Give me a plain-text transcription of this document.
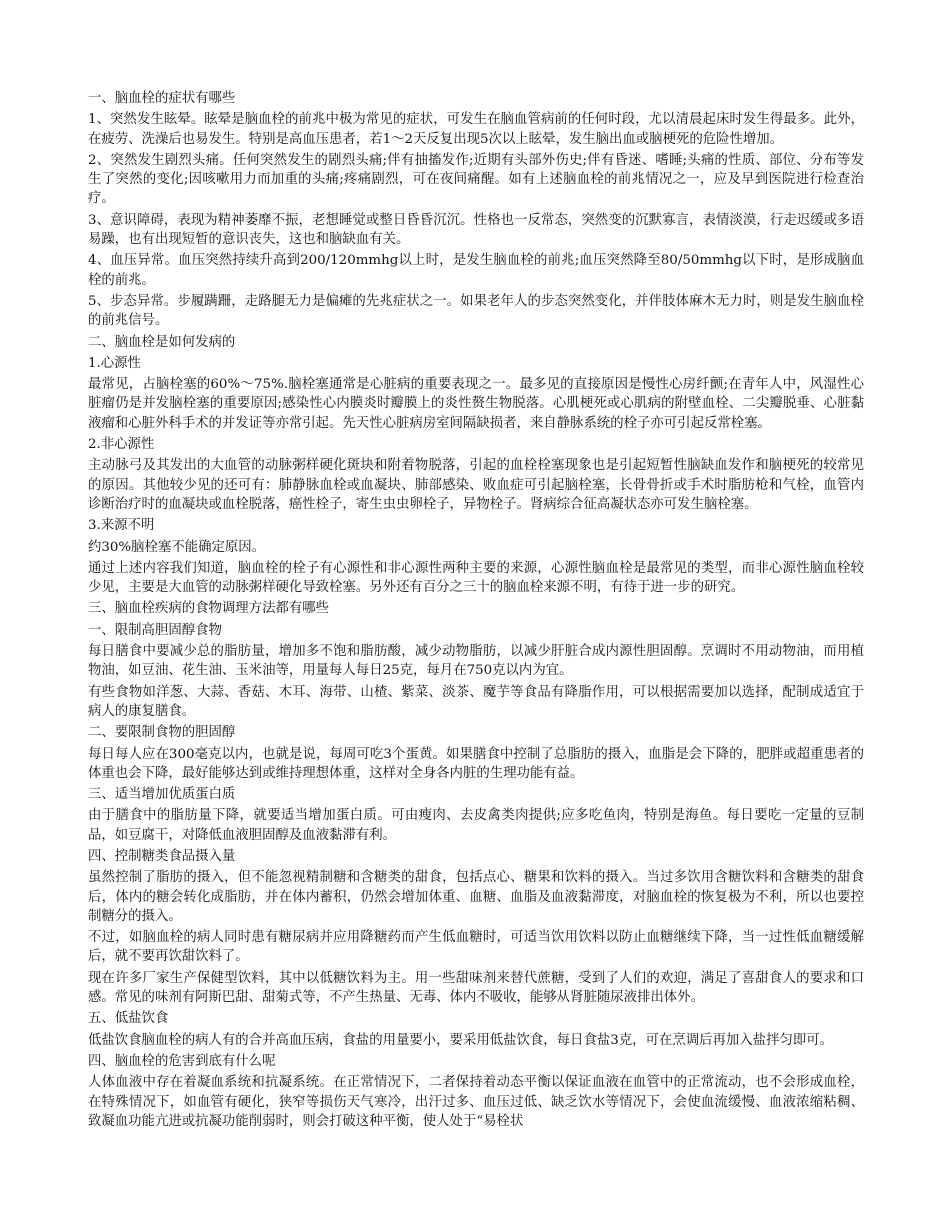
一、脑血栓的症状有哪些

1、突然发生眩晕。眩晕是脑血栓的前兆中极为常见的症状，可发生在脑血管病前的任何时段，尤以清晨起床时发生得最多。此外，在疲劳、洗澡后也易发生。特别是高血压患者，若1～2天反复出现5次以上眩晕，发生脑出血或脑梗死的危险性增加。

2、突然发生剧烈头痛。任何突然发生的剧烈头痛;伴有抽搐发作;近期有头部外伤史;伴有昏迷、嗜睡;头痛的性质、部位、分布等发生了突然的变化;因咳嗽用力而加重的头痛;疼痛剧烈，可在夜间痛醒。如有上述脑血栓的前兆情况之一，应及早到医院进行检查治疗。

3、意识障碍，表现为精神萎靡不振，老想睡觉或整日昏昏沉沉。性格也一反常态，突然变的沉默寡言，表情淡漠，行走迟缓或多语易躁，也有出现短暂的意识丧失，这也和脑缺血有关。

4、血压异常。血压突然持续升高到200/120mmhg以上时，是发生脑血栓的前兆;血压突然降至80/50mmhg以下时，是形成脑血栓的前兆。

5、步态异常。步履蹒跚，走路腿无力是偏瘫的先兆症状之一。如果老年人的步态突然变化，并伴肢体麻木无力时，则是发生脑血栓的前兆信号。

二、脑血栓是如何发病的

1.心源性

最常见，占脑栓塞的60%～75%.脑栓塞通常是心脏病的重要表现之一。最多见的直接原因是慢性心房纤颤;在青年人中，风湿性心脏瘤仍是并发脑栓塞的重要原因;感染性心内膜炎时瓣膜上的炎性赘生物脱落。心肌梗死或心肌病的附壁血栓、二尖瓣脱垂、心脏黏液瘤和心脏外科手术的并发证等亦常引起。先天性心脏病房室间隔缺损者，来自静脉系统的栓子亦可引起反常栓塞。

2.非心源性

主动脉弓及其发出的大血管的动脉粥样硬化斑块和附着物脱落，引起的血栓栓塞现象也是引起短暂性脑缺血发作和脑梗死的较常见的原因。其他较少见的还可有：肺静脉血栓或血凝块、肺部感染、败血症可引起脑栓塞，长骨骨折或手术时脂肪枪和气栓，血管内诊断治疗时的血凝块或血栓脱落，癌性栓子，寄生虫虫卵栓子，异物栓子。肾病综合征高凝状态亦可发生脑栓塞。

3.来源不明

约30%脑栓塞不能确定原因。

通过上述内容我们知道，脑血栓的栓子有心源性和非心源性两种主要的来源，心源性脑血栓是最常见的类型，而非心源性脑血栓较少见，主要是大血管的动脉粥样硬化导致栓塞。另外还有百分之三十的脑血栓来源不明，有待于进一步的研究。

三、脑血栓疾病的食物调理方法都有哪些

一、限制高胆固醇食物

每日膳食中要减少总的脂肪量，增加多不饱和脂肪酸，减少动物脂肪，以减少肝脏合成内源性胆固醇。烹调时不用动物油，而用植物油，如豆油、花生油、玉米油等，用量每人每日25克，每月在750克以内为宜。

有些食物如洋葱、大蒜、香菇、木耳、海带、山楂、紫菜、淡茶、魔芋等食品有降脂作用，可以根据需要加以选择，配制成适宜于病人的康复膳食。

二、要限制食物的胆固醇

每日每人应在300毫克以内，也就是说，每周可吃3个蛋黄。如果膳食中控制了总脂肪的摄入，血脂是会下降的，肥胖或超重患者的体重也会下降，最好能够达到或维持理想体重，这样对全身各内脏的生理功能有益。

三、适当增加优质蛋白质

由于膳食中的脂肪量下降，就要适当增加蛋白质。可由瘦肉、去皮禽类肉提供;应多吃鱼肉，特别是海鱼。每日要吃一定量的豆制品，如豆腐干，对降低血液胆固醇及血液黏滞有利。

四、控制糖类食品摄入量

虽然控制了脂肪的摄入，但不能忽视精制糖和含糖类的甜食，包括点心、糖果和饮料的摄入。当过多饮用含糖饮料和含糖类的甜食后，体内的糖会转化成脂肪，并在体内蓄积，仍然会增加体重、血糖、血脂及血液黏滞度，对脑血栓的恢复极为不利，所以也要控制糖分的摄入。

不过，如脑血栓的病人同时患有糖尿病并应用降糖药而产生低血糖时，可适当饮用饮料以防止血糖继续下降，当一过性低血糖缓解后，就不要再饮甜饮料了。

现在许多厂家生产保健型饮料，其中以低糖饮料为主。用一些甜味剂来替代蔗糖，受到了人们的欢迎，满足了喜甜食人的要求和口感。常见的味剂有阿斯巴甜、甜菊式等，不产生热量、无毒、体内不吸收，能够从肾脏随尿液排出体外。

五、低盐饮食

低盐饮食脑血栓的病人有的合并高血压病，食盐的用量要小，要采用低盐饮食，每日食盐3克，可在烹调后再加入盐拌匀即可。

四、脑血栓的危害到底有什么呢

人体血液中存在着凝血系统和抗凝系统。在正常情况下，二者保持着动态平衡以保证血液在血管中的正常流动，也不会形成血栓，在特殊情况下，如血管有硬化，狭窄等损伤天气寒冷，出汗过多、血压过低、缺乏饮水等情况下，会使血流缓慢、血液浓缩粘稠、致凝血功能亢进或抗凝功能削弱时，则会打破这种平衡，使人处于“易栓状
